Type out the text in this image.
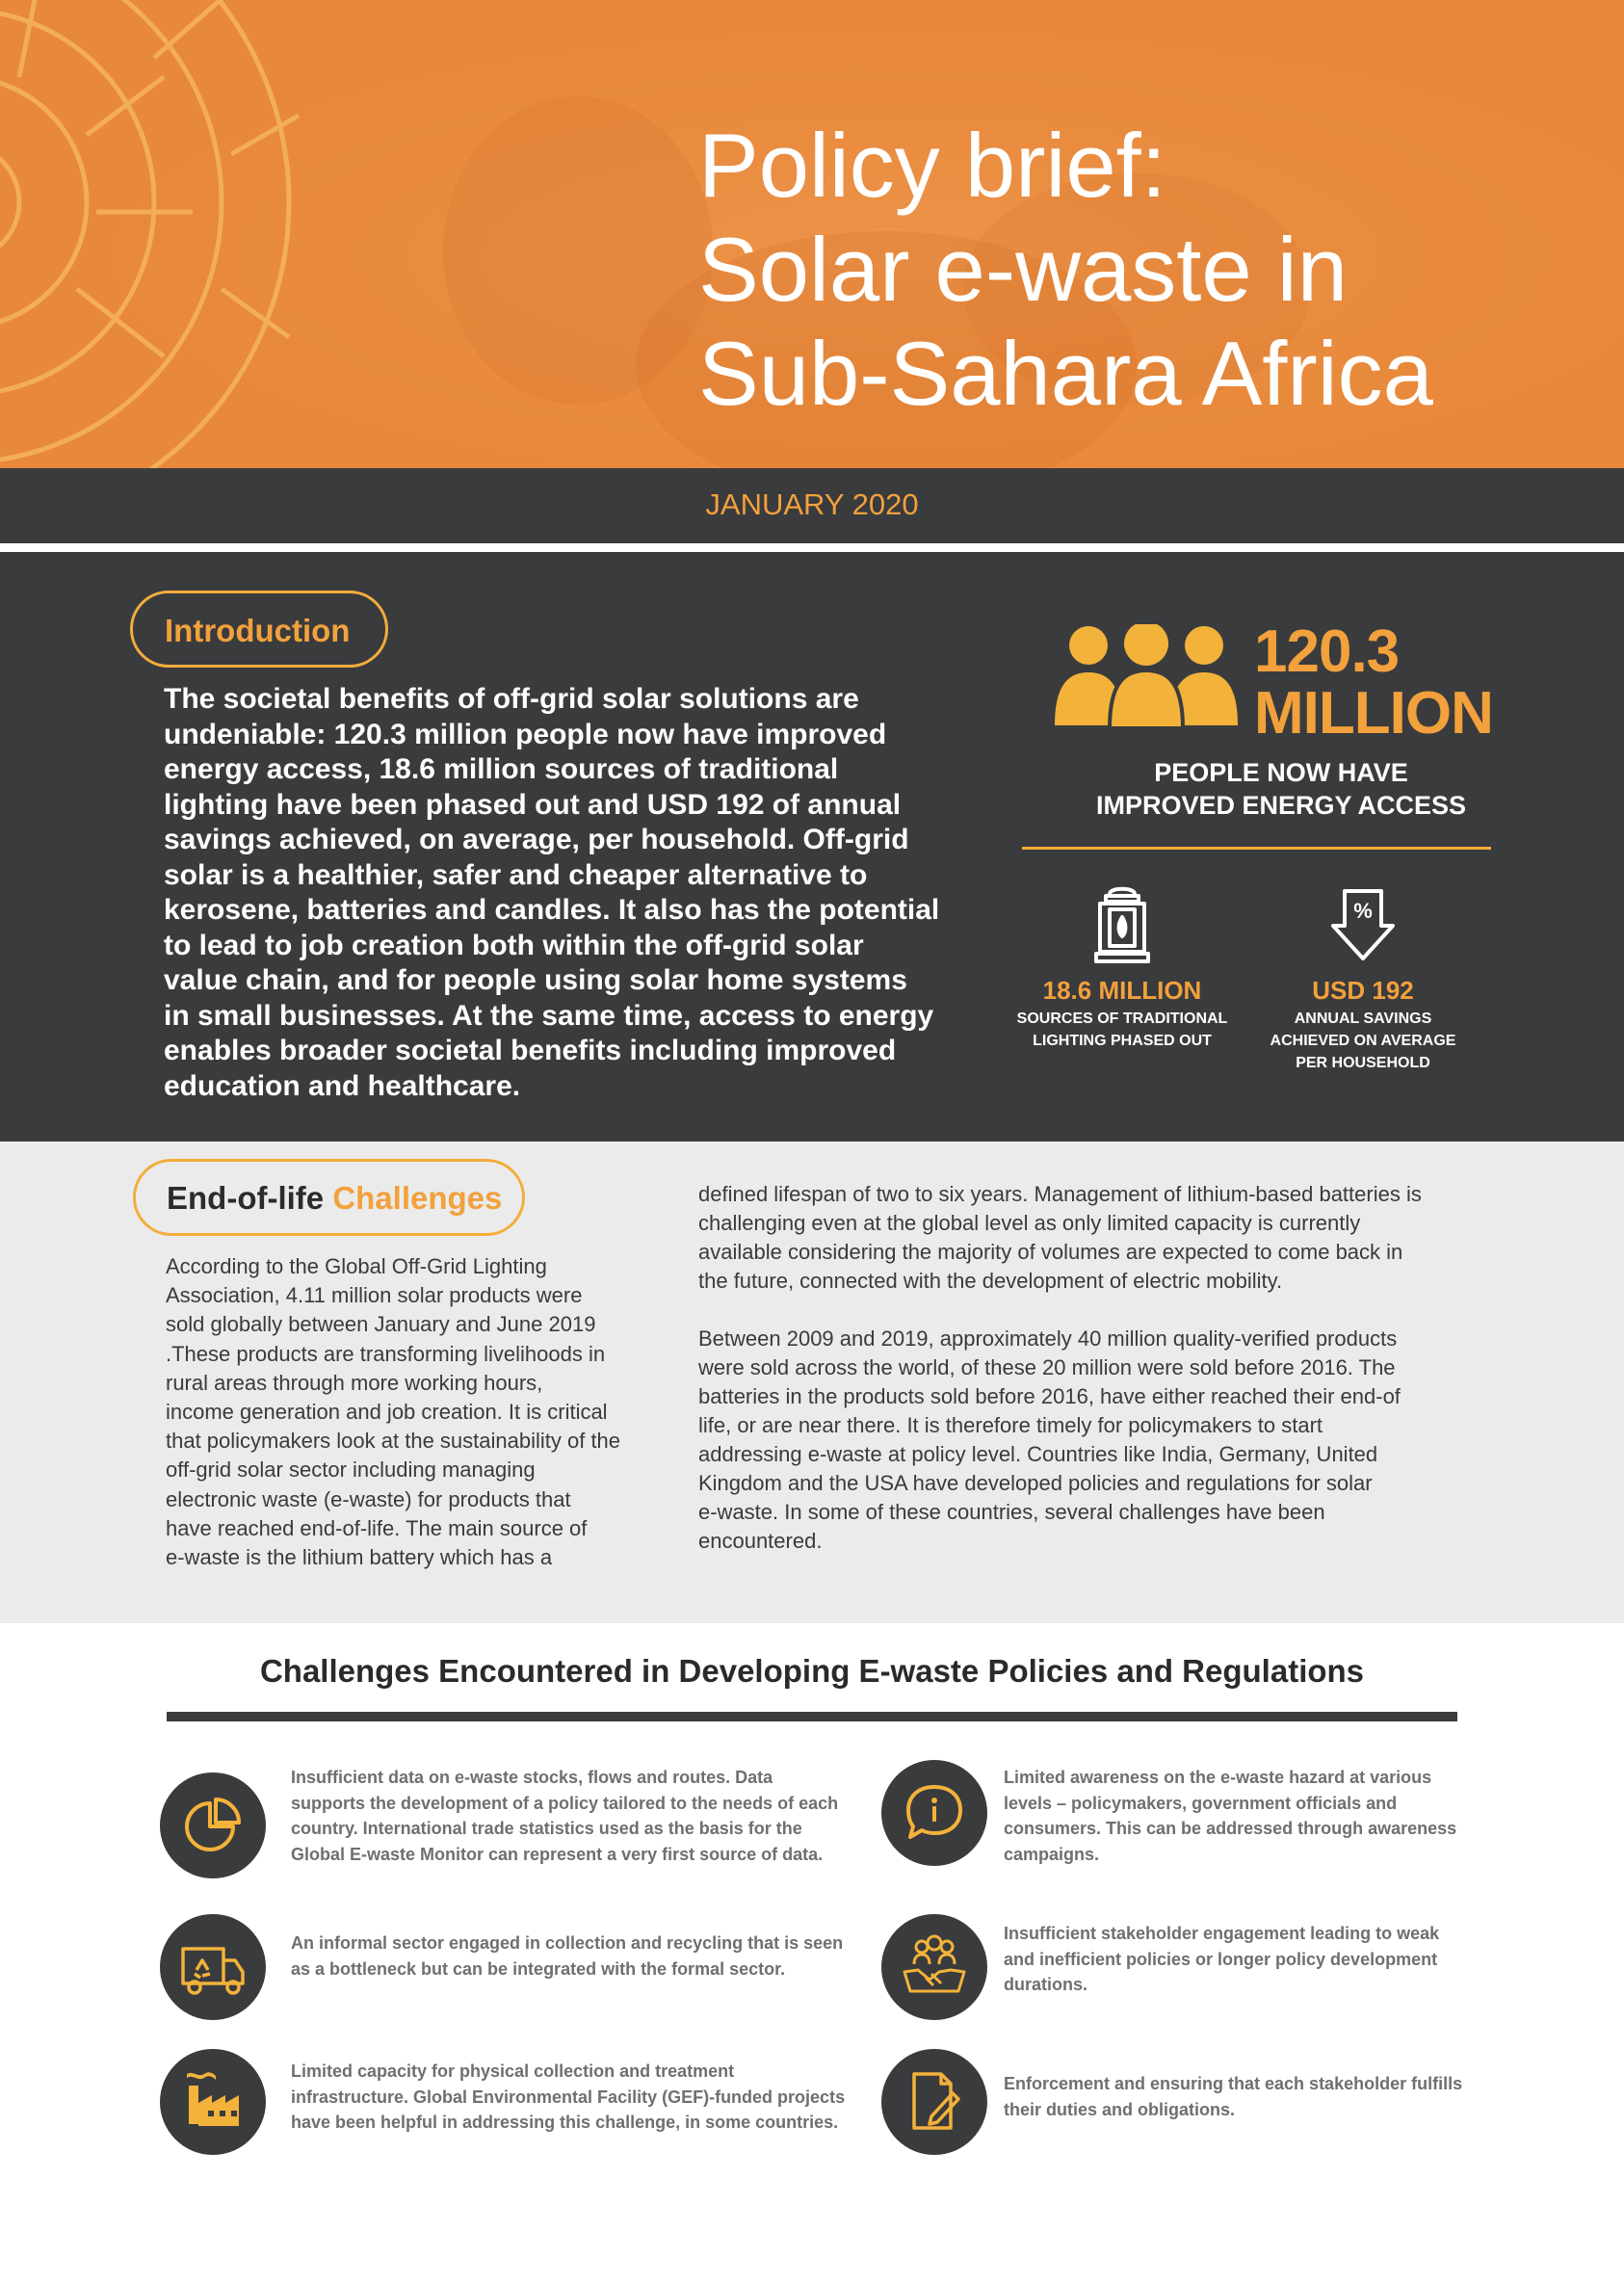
Policy brief:
Solar e-waste in
Sub-Sahara Africa
JANUARY 2020
Introduction
The societal benefits of off-grid solar solutions are
undeniable: 120.3 million people now have improved
energy access, 18.6 million sources of traditional
lighting have been phased out and USD 192 of annual
savings achieved, on average, per household. Off-grid
solar is a healthier, safer and cheaper alternative to
kerosene, batteries and candles. It also has the potential
to lead to job creation both within the off-grid solar
value chain, and for people using solar home systems
in small businesses. At the same time, access to energy
enables broader societal benefits including improved
education and healthcare.
120.3
MILLION
PEOPLE NOW HAVE
IMPROVED ENERGY ACCESS
18.6 MILLION
SOURCES OF TRADITIONAL
LIGHTING PHASED OUT
%
USD 192
ANNUAL SAVINGS
ACHIEVED ON AVERAGE
PER HOUSEHOLD
End-of-life Challenges
According to the Global Off-Grid Lighting
Association, 4.11 million solar products were
sold globally between January and June 2019
.These products are transforming livelihoods in
rural areas through more working hours,
income generation and job creation. It is critical
that policymakers look at the sustainability of the
off-grid solar sector including managing
electronic waste (e-waste) for products that
have reached end-of-life. The main source of
e-waste is the lithium battery which has a
defined lifespan of two to six years. Management of lithium-based batteries is
challenging even at the global level as only limited capacity is currently
available considering the majority of volumes are expected to come back in
the future, connected with the development of electric mobility.
Between 2009 and 2019, approximately 40 million quality-verified products
were sold across the world, of these 20 million were sold before 2016. The
batteries in the products sold before 2016, have either reached their end-of
life, or are near there. It is therefore timely for policymakers to start
addressing e-waste at policy level. Countries like India, Germany, United
Kingdom and the USA have developed policies and regulations for solar
e-waste. In some of these countries, several challenges have been
encountered.
Challenges Encountered in Developing E-waste Policies and Regulations
Insufficient data on e-waste stocks, flows and routes. Data
supports the development of a policy tailored to the needs of each
country. International trade statistics used as the basis for the
Global E-waste Monitor can represent a very first source of data.
Limited awareness on the e-waste hazard at various
levels – policymakers, government officials and
consumers. This can be addressed through awareness
campaigns.
An informal sector engaged in collection and recycling that is seen
as a bottleneck but can be integrated with the formal sector.
Insufficient stakeholder engagement leading to weak
and inefficient policies or longer policy development
durations.
Limited capacity for physical collection and treatment
infrastructure. Global Environmental Facility (GEF)-funded projects
have been helpful in addressing this challenge, in some countries.
Enforcement and ensuring that each stakeholder fulfills
their duties and obligations.
